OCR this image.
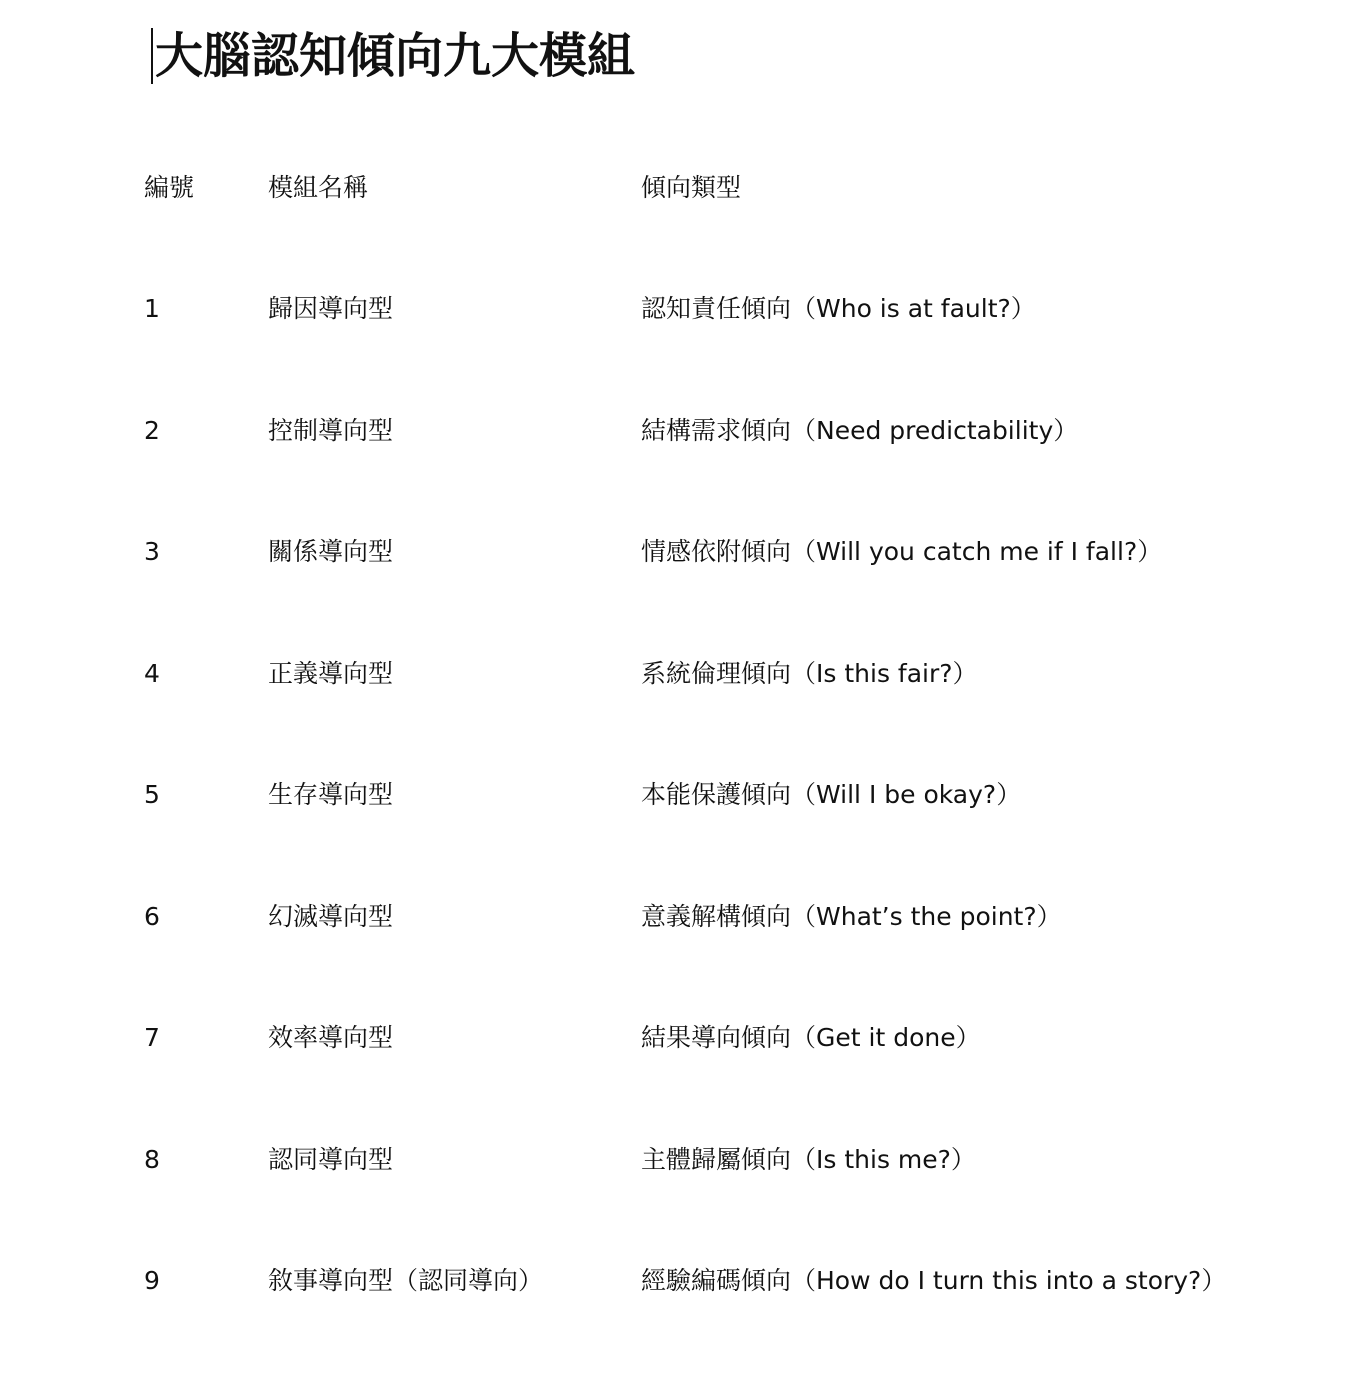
大腦認知傾向九大模組
編號	模組名稱	傾向類型
1	歸因導向型	認知責任傾向（Who is at fault?）
2	控制導向型	結構需求傾向（Need predictability）
3	關係導向型	情感依附傾向（Will you catch me if I fall?）
4	正義導向型	系統倫理傾向（Is this fair?）
5	生存導向型	本能保護傾向（Will I be okay?）
6	幻滅導向型	意義解構傾向（What’s the point?）
7	效率導向型	結果導向傾向（Get it done）
8	認同導向型	主體歸屬傾向（Is this me?）
9	敘事導向型（認同導向）	經驗編碼傾向（How do I turn this into a story?）
